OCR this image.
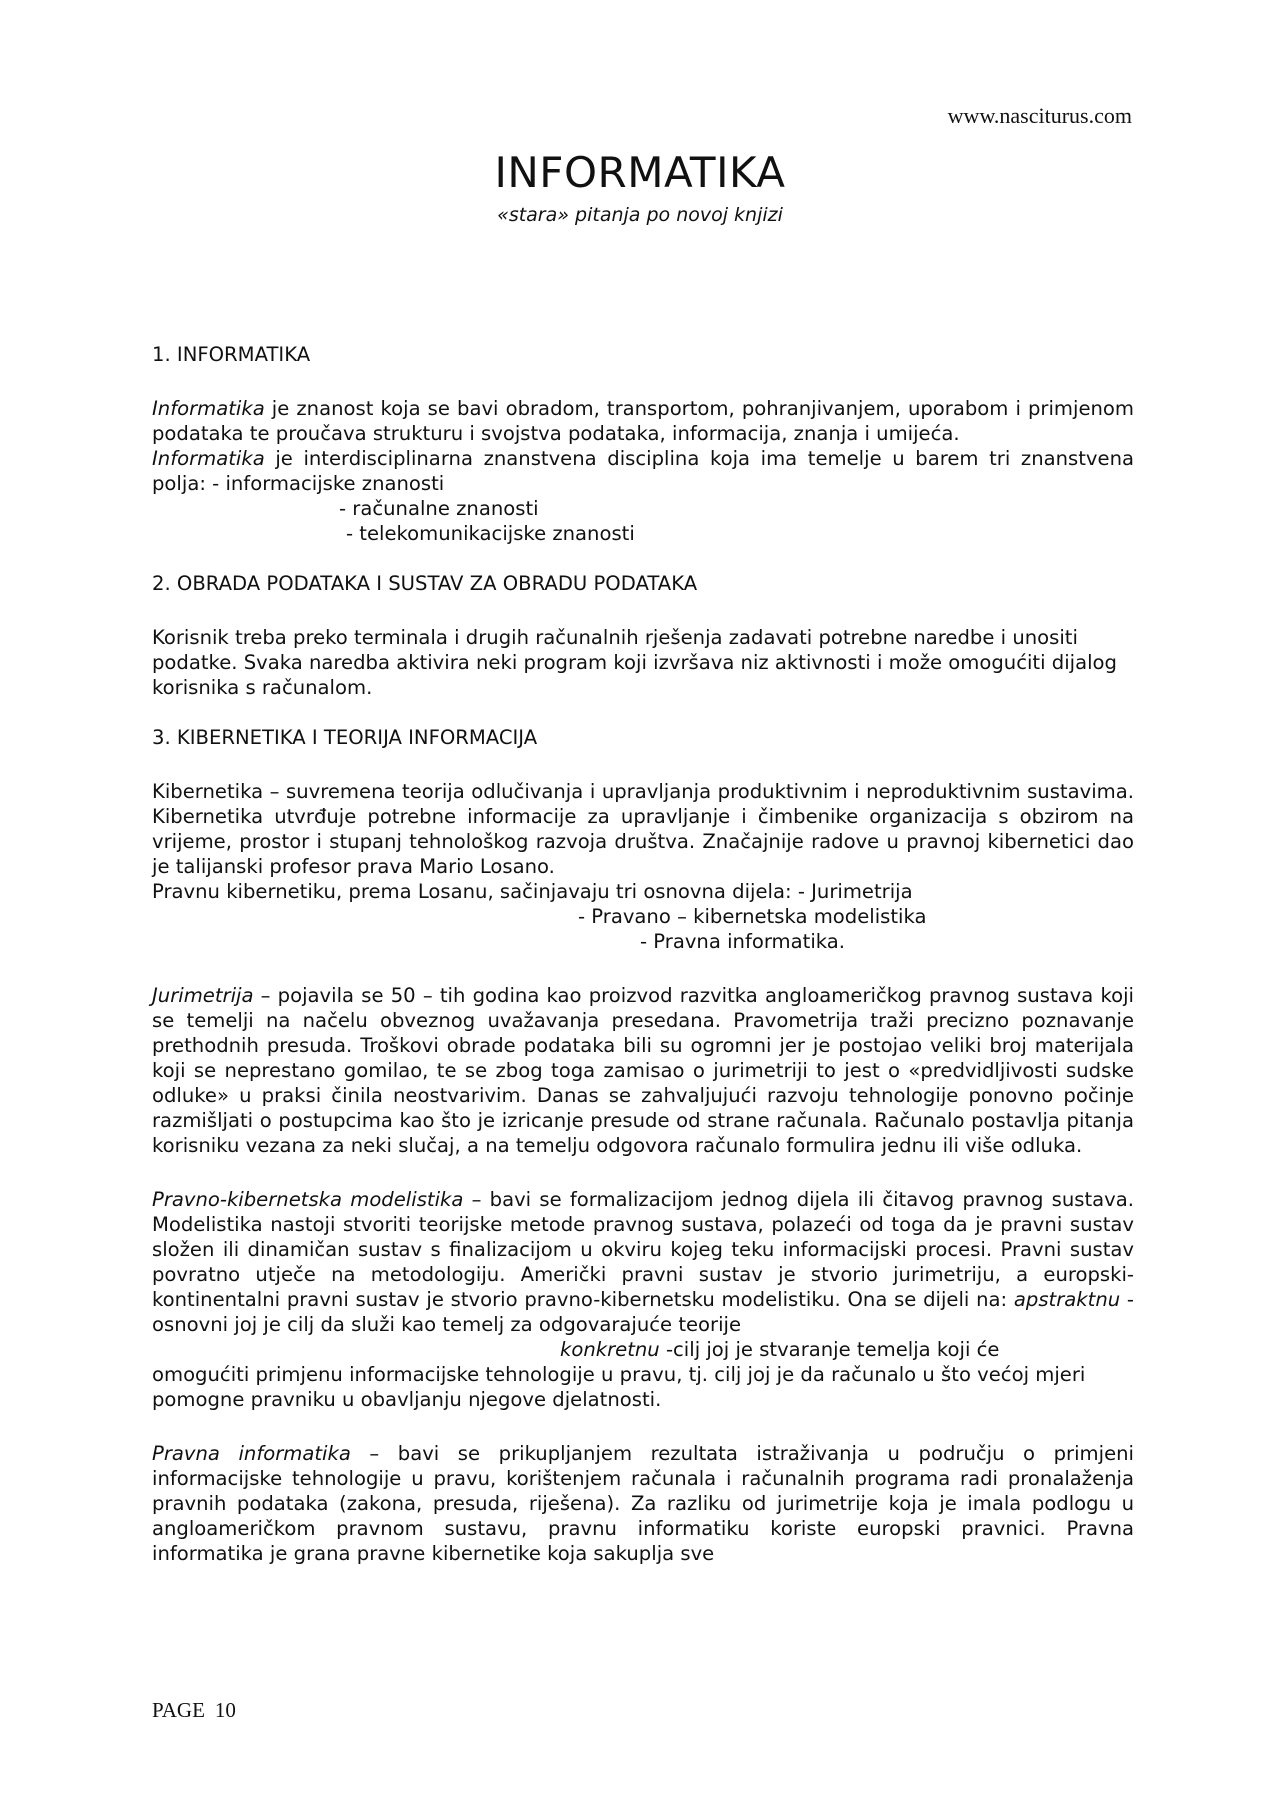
www.nasciturus.com

INFORMATIKA

«stara» pitanja po novoj knjizi

1. INFORMATIKA

Informatika je znanost koja se bavi obradom, transportom, pohranjivanjem, uporabom i primjenom podataka te proučava strukturu i svojstva podataka, informacija, znanja i umijeća.

Informatika je interdisciplinarna znanstvena disciplina koja ima temelje u barem tri znanstvena polja: - informacijske znanosti

- računalne znanosti

- telekomunikacijske znanosti

2. OBRADA PODATAKA I SUSTAV ZA OBRADU PODATAKA

Korisnik treba preko terminala i drugih računalnih rješenja zadavati potrebne naredbe i unositi podatke. Svaka naredba aktivira neki program koji izvršava niz aktivnosti i može omogućiti dijalog korisnika s računalom.

3. KIBERNETIKA I TEORIJA INFORMACIJA

Kibernetika – suvremena teorija odlučivanja i upravljanja produktivnim i neproduktivnim sustavima. Kibernetika utvrđuje potrebne informacije za upravljanje i čimbenike organizacija s obzirom na vrijeme, prostor i stupanj tehnološkog razvoja društva. Značajnije radove u pravnoj kibernetici dao je talijanski profesor prava Mario Losano.

Pravnu kibernetiku, prema Losanu, sačinjavaju tri osnovna dijela: - Jurimetrija

- Pravano – kibernetska modelistika

- Pravna informatika.

Jurimetrija – pojavila se 50 – tih godina kao proizvod razvitka angloameričkog pravnog sustava koji se temelji na načelu obveznog uvažavanja presedana. Pravometrija traži precizno poznavanje prethodnih presuda. Troškovi obrade podataka bili su ogromni jer je postojao veliki broj materijala koji se neprestano gomilao, te se zbog toga zamisao o jurimetriji to jest o «predvidljivosti sudske odluke» u praksi činila neostvarivim. Danas se zahvaljujući razvoju tehnologije ponovno počinje razmišljati o postupcima kao što je izricanje presude od strane računala. Računalo postavlja pitanja korisniku vezana za neki slučaj, a na temelju odgovora računalo formulira jednu ili više odluka.

Pravno-kibernetska modelistika – bavi se formalizacijom jednog dijela ili čitavog pravnog sustava. Modelistika nastoji stvoriti teorijske metode pravnog sustava, polazeći od toga da je pravni sustav složen ili dinamičan sustav s finalizacijom u okviru kojeg teku informacijski procesi. Pravni sustav povratno utječe na metodologiju. Američki pravni sustav je stvorio jurimetriju, a europski-kontinentalni pravni sustav je stvorio pravno-kibernetsku modelistiku. Ona se dijeli na: apstraktnu -osnovni joj je cilj da služi kao temelj za odgovarajuće teorije

konkretnu -cilj joj je stvaranje temelja koji će

omogućiti primjenu informacijske tehnologije u pravu, tj. cilj joj je da računalo u što većoj mjeri pomogne pravniku u obavljanju njegove djelatnosti.

Pravna informatika – bavi se prikupljanjem rezultata istraživanja u području o primjeni informacijske tehnologije u pravu, korištenjem računala i računalnih programa radi pronalaženja pravnih podataka (zakona, presuda, riješena). Za razliku od jurimetrije koja je imala podlogu u angloameričkom pravnom sustavu, pravnu informatiku koriste europski pravnici. Pravna informatika je grana pravne kibernetike koja sakuplja sve

PAGE 10
